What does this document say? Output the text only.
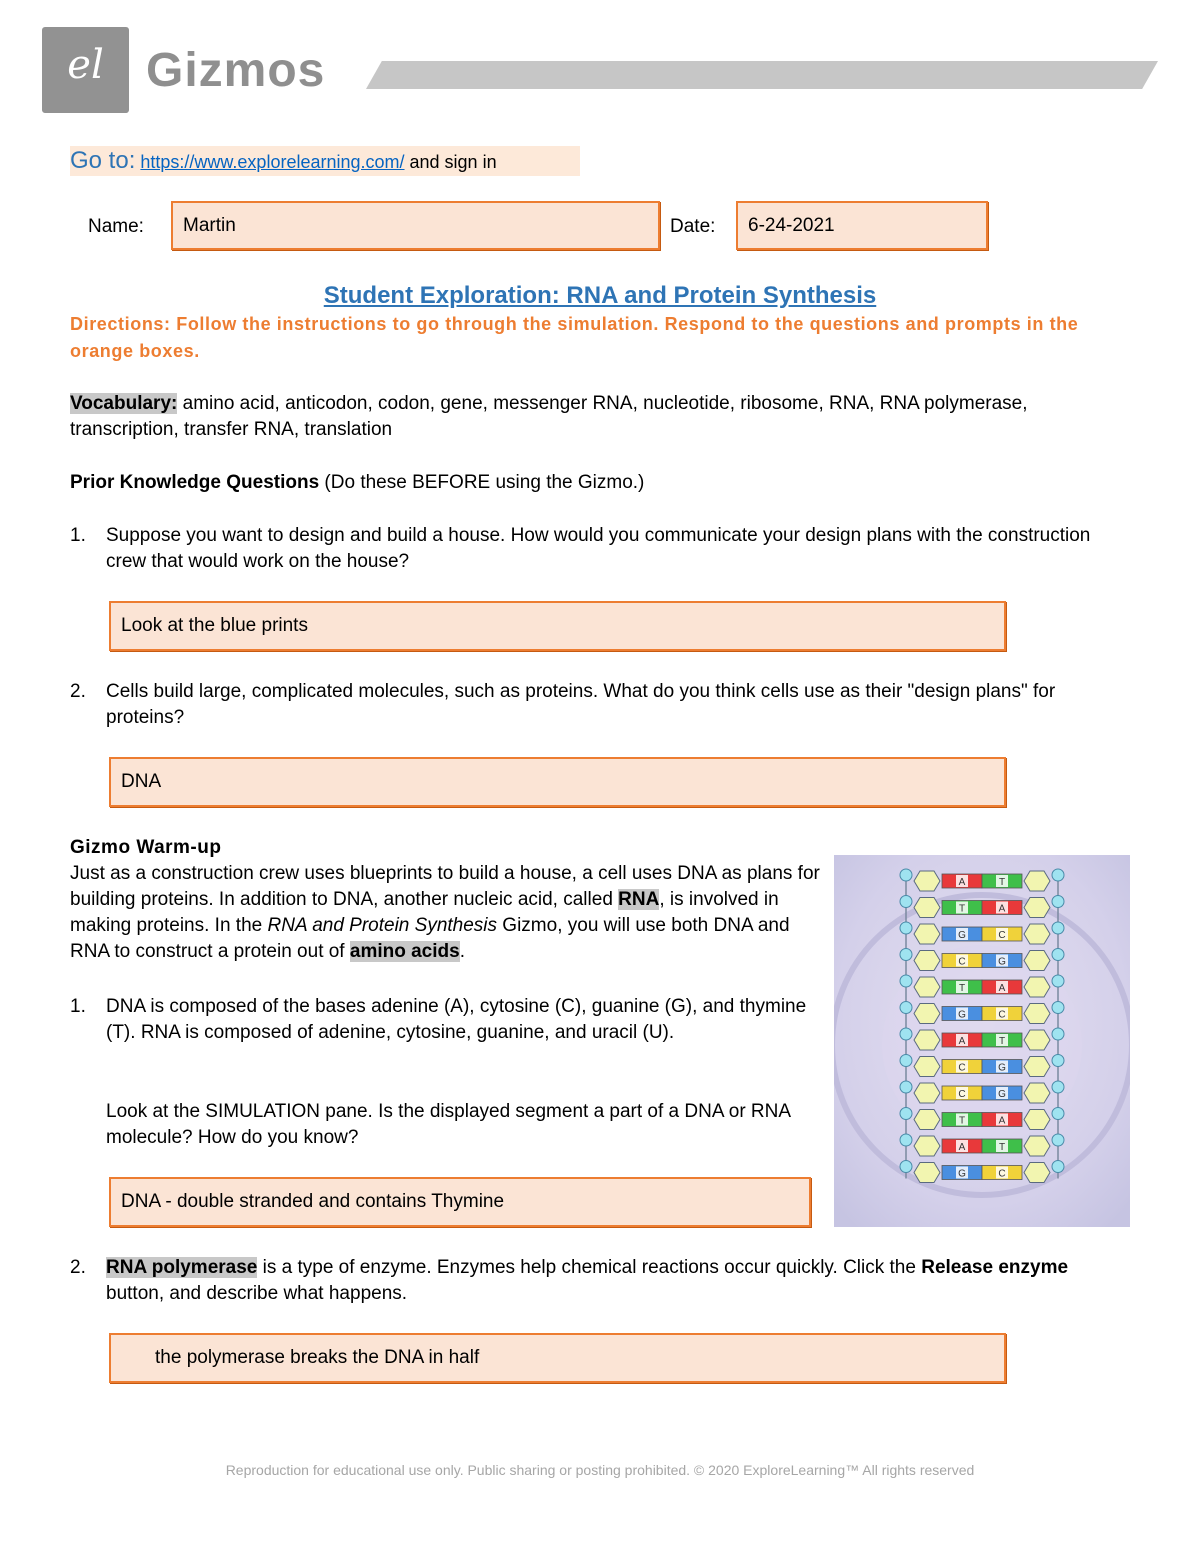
el Gizmos
Go to: https://www.explorelearning.com/ and sign in
Name:	Martin	Date:	6-24-2021
Student Exploration: RNA and Protein Synthesis
Directions: Follow the instructions to go through the simulation. Respond to the questions and prompts in the orange boxes.
Vocabulary: amino acid, anticodon, codon, gene, messenger RNA, nucleotide, ribosome, RNA, RNA polymerase, transcription, transfer RNA, translation
Prior Knowledge Questions (Do these BEFORE using the Gizmo.)
1. Suppose you want to design and build a house. How would you communicate your design plans with the construction crew that would work on the house?
Look at the blue prints
2. Cells build large, complicated molecules, such as proteins. What do you think cells use as their "design plans" for proteins?
DNA
Gizmo Warm-up
Just as a construction crew uses blueprints to build a house, a cell uses DNA as plans for building proteins. In addition to DNA, another nucleic acid, called RNA, is involved in making proteins. In the RNA and Protein Synthesis Gizmo, you will use both DNA and RNA to construct a protein out of amino acids.
1. DNA is composed of the bases adenine (A), cytosine (C), guanine (G), and thymine (T). RNA is composed of adenine, cytosine, guanine, and uracil (U).
Look at the SIMULATION pane. Is the displayed segment a part of a DNA or RNA molecule? How do you know?
DNA - double stranded and contains Thymine
2. RNA polymerase is a type of enzyme. Enzymes help chemical reactions occur quickly. Click the Release enzyme button, and describe what happens.
the polymerase breaks the DNA in half
A	T
T	A
G	C
C	G
T	A
G	C
A	T
C	G
C	G
T	A
A	T
G	C
Reproduction for educational use only. Public sharing or posting prohibited. © 2020 ExploreLearning™ All rights reserved
